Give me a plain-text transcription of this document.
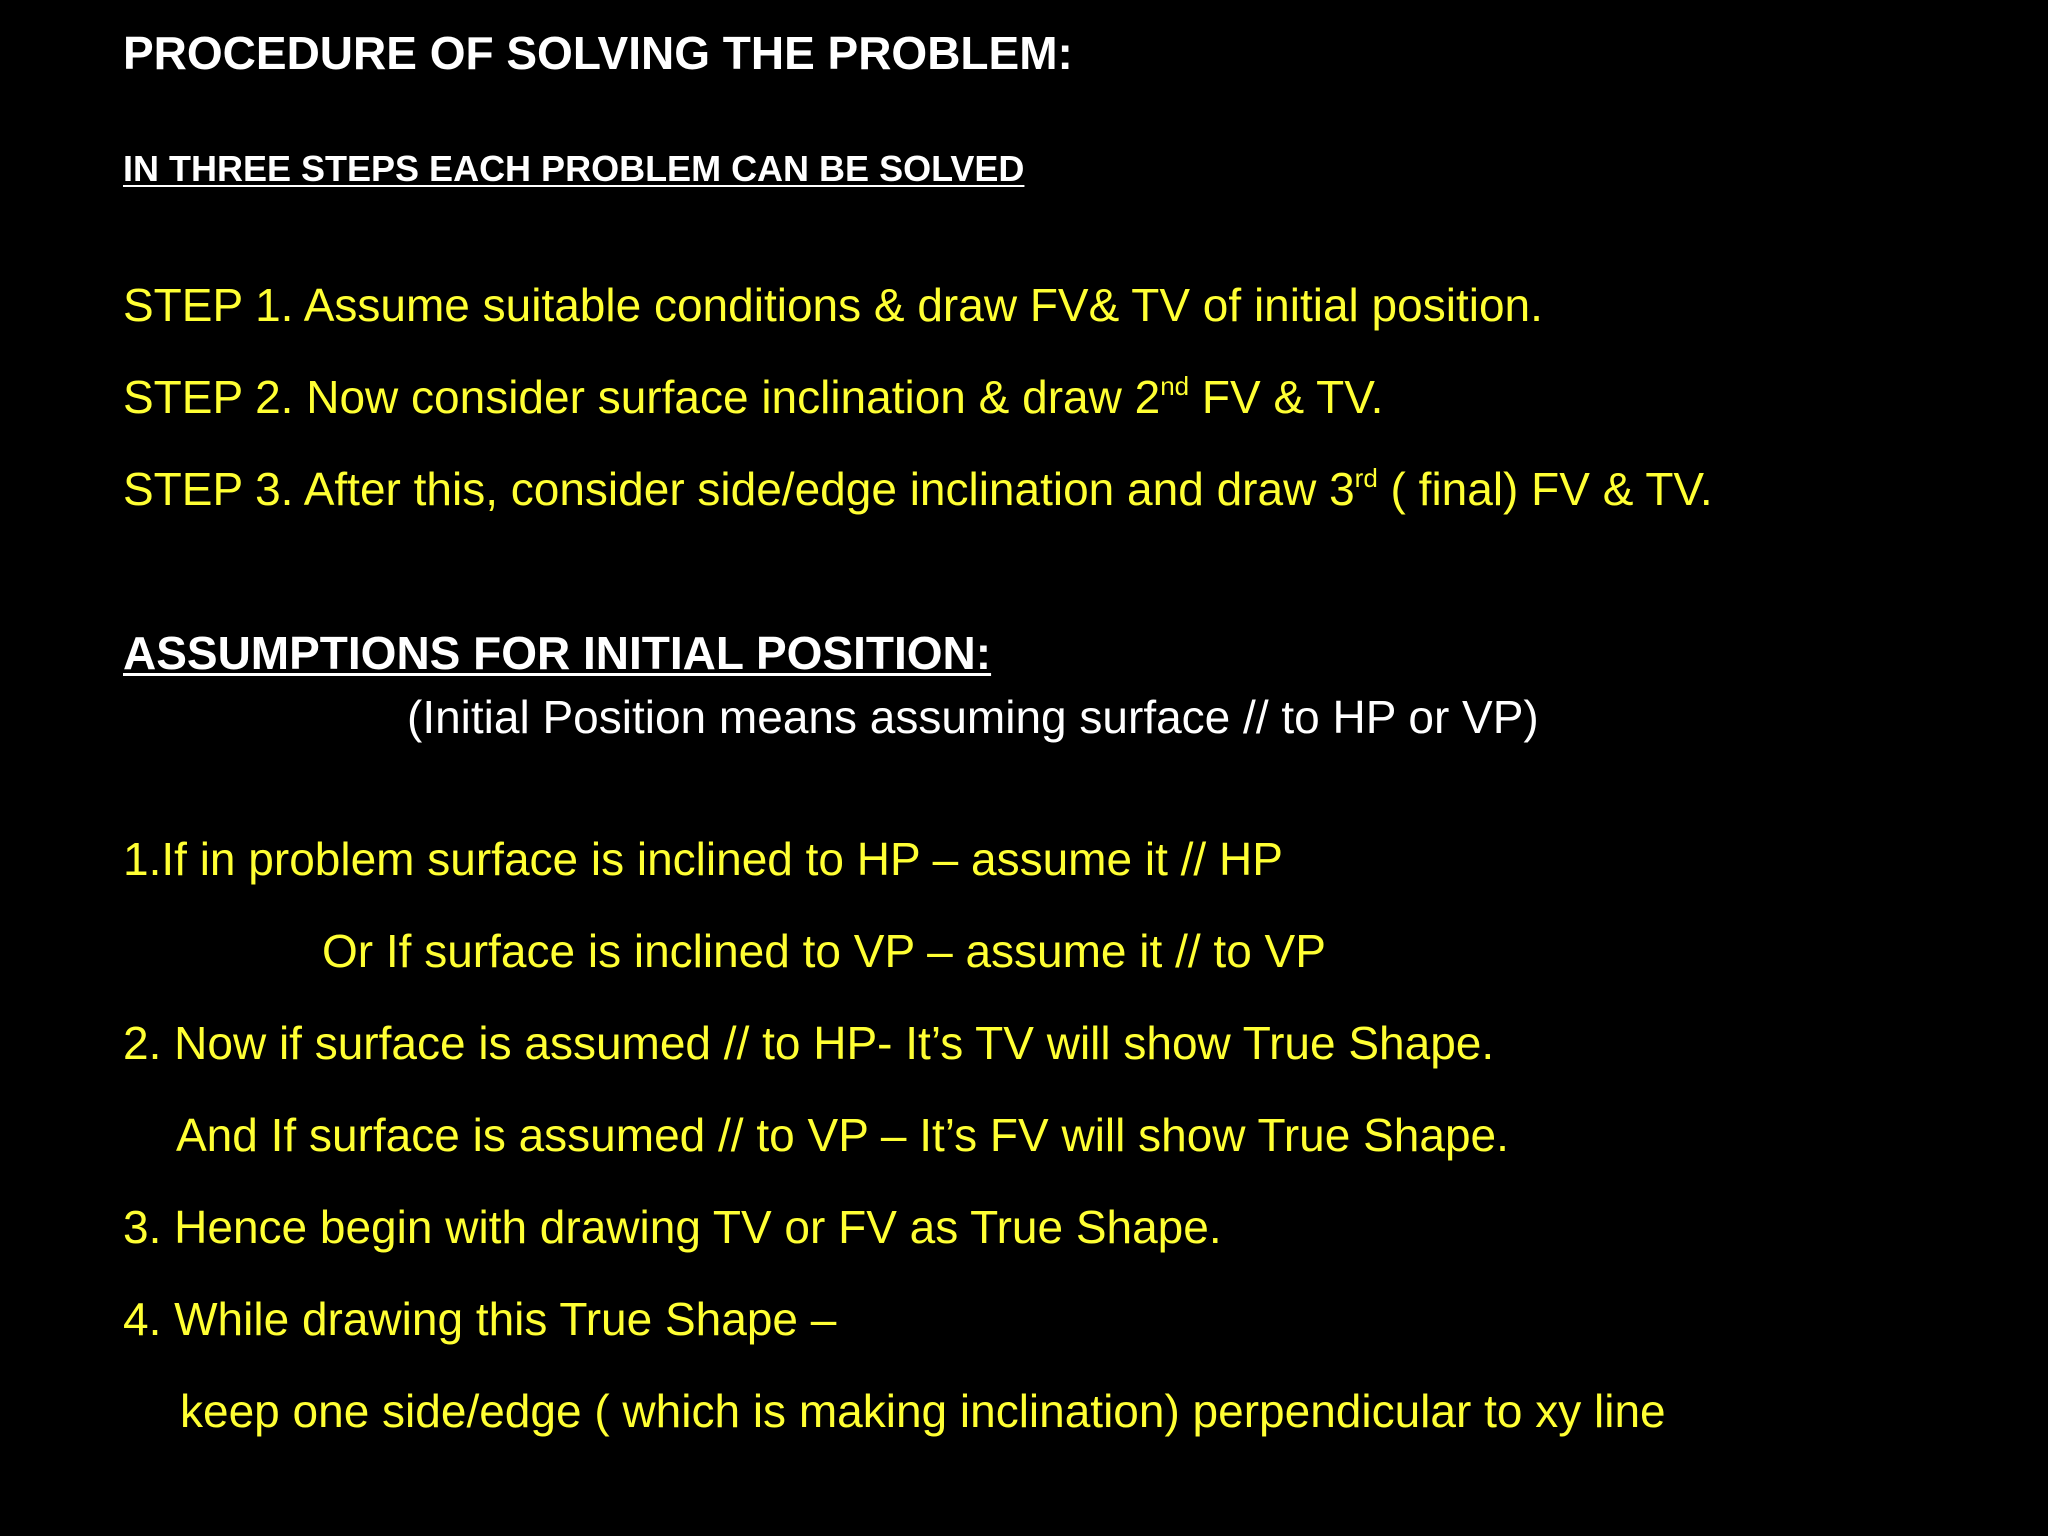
PROCEDURE OF SOLVING THE PROBLEM:
IN THREE STEPS EACH PROBLEM CAN BE SOLVED
STEP 1. Assume suitable conditions & draw FV& TV of initial position.
STEP 2. Now consider surface inclination & draw 2nd FV & TV.
STEP 3. After this, consider side/edge inclination and draw 3rd ( final) FV & TV.
ASSUMPTIONS FOR INITIAL POSITION:
(Initial Position means assuming surface // to HP or VP)
1.If in problem surface is inclined to HP – assume it // HP
Or If surface is inclined to VP – assume it // to VP
2. Now if surface is assumed // to HP- It’s TV will show True Shape.
And If surface is assumed // to VP – It’s FV will show True Shape.
3. Hence begin with drawing TV or FV as True Shape.
4. While drawing this True Shape –
keep one side/edge ( which is making inclination) perpendicular to xy line
